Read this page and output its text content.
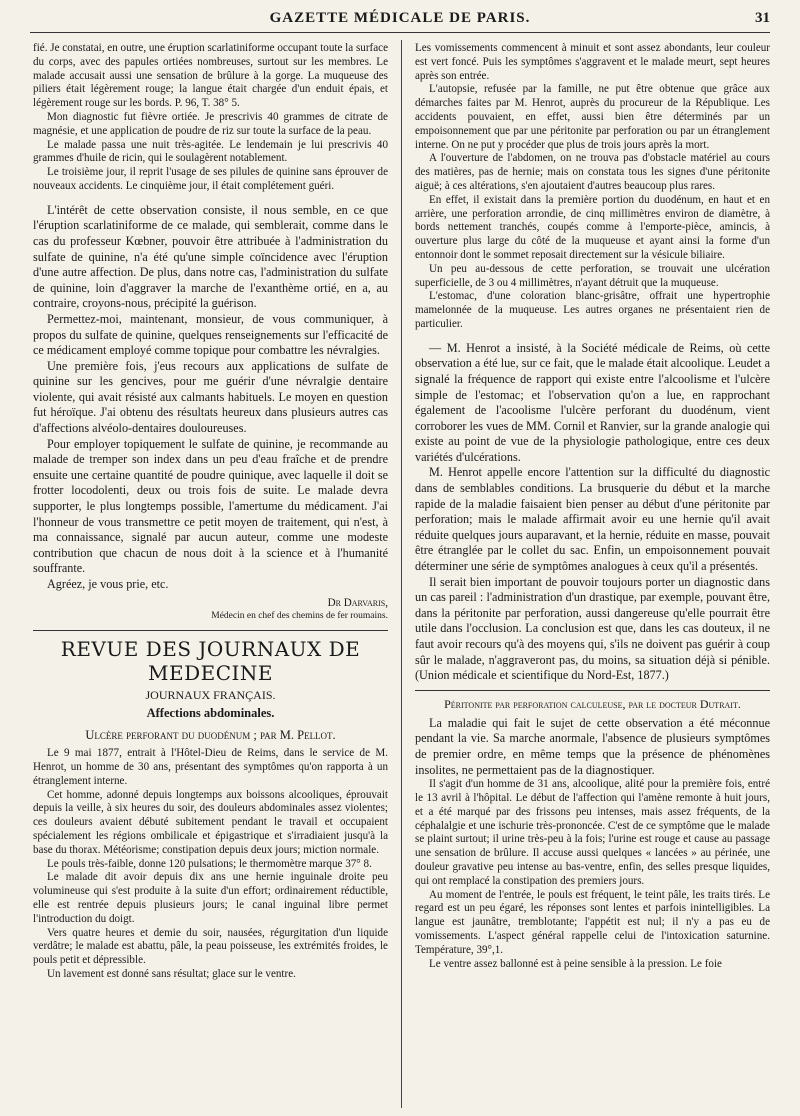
GAZETTE MÉDICALE DE PARIS.	31

fié. Je constatai, en outre, une éruption scarlatiniforme occupant toute la surface du corps, avec des papules ortiées nombreuses, surtout sur les membres. Le malade accusait aussi une sensation de brûlure à la gorge. La muqueuse des piliers était légèrement rouge; la langue était chargée d'un enduit épais, et légèrement rouge sur les bords. P. 96, T. 38° 5.

Mon diagnostic fut fièvre ortiée. Je prescrivis 40 grammes de citrate de magnésie, et une application de poudre de riz sur toute la surface de la peau.

Le malade passa une nuit très-agitée. Le lendemain je lui prescrivis 40 grammes d'huile de ricin, qui le soulagèrent notablement.

Le troisième jour, il reprit l'usage de ses pilules de quinine sans éprouver de nouveaux accidents. Le cinquième jour, il était complétement guéri.

L'intérêt de cette observation consiste, il nous semble, en ce que l'éruption scarlatiniforme de ce malade, qui semblerait, comme dans le cas du professeur Kœbner, pouvoir être attribuée à l'administration du sulfate de quinine, n'a été qu'une simple coïncidence avec l'éruption d'une autre affection. De plus, dans notre cas, l'administration du sulfate de quinine, loin d'aggraver la marche de l'exanthème ortié, en a, au contraire, croyons-nous, précipité la guérison.

Permettez-moi, maintenant, monsieur, de vous communiquer, à propos du sulfate de quinine, quelques renseignements sur l'efficacité de ce médicament employé comme topique pour combattre les névralgies.

Une première fois, j'eus recours aux applications de sulfate de quinine sur les gencives, pour me guérir d'une névralgie dentaire violente, qui avait résisté aux calmants habituels. Le moyen en question fut héroïque. J'ai obtenu des résultats heureux dans plusieurs autres cas d'affections alvéolo-dentaires douloureuses.

Pour employer topiquement le sulfate de quinine, je recommande au malade de tremper son index dans un peu d'eau fraîche et de prendre ensuite une certaine quantité de poudre quinique, avec laquelle il doit se frotter locodolenti, deux ou trois fois de suite. Le malade devra supporter, le plus longtemps possible, l'amertume du médicament. J'ai l'honneur de vous transmettre ce petit moyen de traitement, qui n'est, à ma connaissance, signalé par aucun auteur, comme une modeste contribution que chacun de nous doit à la science et à l'humanité souffrante.

Agréez, je vous prie, etc.

Dr Darvaris,
Médecin en chef des chemins de fer roumains.
REVUE DES JOURNAUX DE MEDECINE
JOURNAUX FRANÇAIS.
Affections abdominales.
Ulcère perforant du duodénum ; par M. Pellot.

Le 9 mai 1877, entrait à l'Hôtel-Dieu de Reims, dans le service de M. Henrot, un homme de 30 ans, présentant des symptômes qu'on rapporta à un étranglement interne.

Cet homme, adonné depuis longtemps aux boissons alcooliques, éprouvait depuis la veille, à six heures du soir, des douleurs abdominales assez violentes; ces douleurs avaient débuté subitement pendant le travail et occupaient spécialement les régions ombilicale et épigastrique et s'irradiaient jusqu'à la base du thorax. Météorisme; constipation depuis deux jours; miction normale.

Le pouls très-faible, donne 120 pulsations; le thermomètre marque 37° 8.

Le malade dit avoir depuis dix ans une hernie inguinale droite peu volumineuse qui s'est produite à la suite d'un effort; ordinairement réductible, elle est rentrée depuis plusieurs jours; le canal inguinal libre permet l'introduction du doigt.

Vers quatre heures et demie du soir, nausées, régurgitation d'un liquide verdâtre; le malade est abattu, pâle, la peau poisseuse, les extrémités froides, le pouls petit et dépressible.

Un lavement est donné sans résultat; glace sur le ventre.

Les vomissements commencent à minuit et sont assez abondants, leur couleur est vert foncé. Puis les symptômes s'aggravent et le malade meurt, sept heures après son entrée.

L'autopsie, refusée par la famille, ne put être obtenue que grâce aux démarches faites par M. Henrot, auprès du procureur de la République. Les accidents pouvaient, en effet, aussi bien être déterminés par un empoisonnement que par une péritonite par perforation ou par un étranglement interne. On ne put y procéder que plus de trois jours après la mort.

A l'ouverture de l'abdomen, on ne trouva pas d'obstacle matériel au cours des matières, pas de hernie; mais on constata tous les signes d'une péritonite aiguë; à ces altérations, s'en ajoutaient d'autres beaucoup plus rares.

En effet, il existait dans la première portion du duodénum, en haut et en arrière, une perforation arrondie, de cinq millimètres environ de diamètre, à bords nettement tranchés, coupés comme à l'emporte-pièce, amincis, à ouverture plus large du côté de la muqueuse et ayant ainsi la forme d'un entonnoir dont le sommet reposait directement sur la vésicule biliaire.

Un peu au-dessous de cette perforation, se trouvait une ulcération superficielle, de 3 ou 4 millimètres, n'ayant détruit que la muqueuse.

L'estomac, d'une coloration blanc-grisâtre, offrait une hypertrophie mamelonnée de la muqueuse. Les autres organes ne présentaient rien de particulier.

— M. Henrot a insisté, à la Société médicale de Reims, où cette observation a été lue, sur ce fait, que le malade était alcoolique. Leudet a signalé la fréquence de rapport qui existe entre l'alcoolisme et l'ulcère simple de l'estomac; et l'observation qu'on a lue, en rapprochant également de l'acoolisme l'ulcère perforant du duodénum, vient corroborer les vues de MM. Cornil et Ranvier, sur la grande analogie qui existe au point de vue de la physiologie pathologique, entre ces deux variétés d'ulcérations.

M. Henrot appelle encore l'attention sur la difficulté du diagnostic dans de semblables conditions. La brusquerie du début et la marche rapide de la maladie faisaient bien penser au début d'une péritonite par perforation; mais le malade affirmait avoir eu une hernie qu'il avait réduite quelques jours auparavant, et la hernie, réduite en masse, pouvait être étranglée par le collet du sac. Enfin, un empoisonnement pouvait déterminer une série de symptômes analogues à ceux qu'il a présentés.

Il serait bien important de pouvoir toujours porter un diagnostic dans un cas pareil : l'administration d'un drastique, par exemple, pouvant être, dans la péritonite par perforation, aussi dangereuse qu'elle pourrait être utile dans l'occlusion. La conclusion est que, dans les cas douteux, il ne faut avoir recours qu'à des moyens qui, s'ils ne doivent pas guérir à coup sûr le malade, n'aggraveront pas, du moins, sa situation déjà si pénible. (Union médicale et scientifique du Nord-Est, 1877.)

Péritonite par perforation calculeuse, par le docteur Dutrait.

La maladie qui fait le sujet de cette observation a été méconnue pendant la vie. Sa marche anormale, l'absence de plusieurs symptômes de premier ordre, en même temps que la présence de phénomènes insolites, ne permettaient pas de la diagnostiquer.

Il s'agit d'un homme de 31 ans, alcoolique, alité pour la première fois, entré le 13 avril à l'hôpital. Le début de l'affection qui l'amène remonte à huit jours, et a été marqué par des frissons peu intenses, mais assez fréquents, de la céphalalgie et une ischurie très-prononcée. C'est de ce symptôme que le malade se plaint surtout; il urine très-peu à la fois; l'urine est rouge et cause au passage une sensation de brûlure. Il accuse aussi quelques « lancées » au périnée, une douleur gravative peu intense au bas-ventre, enfin, des selles presque liquides, qui ont remplacé la constipation des premiers jours.

Au moment de l'entrée, le pouls est fréquent, le teint pâle, les traits tirés. Le regard est un peu égaré, les réponses sont lentes et parfois inintelligibles. La langue est jaunâtre, tremblotante; l'appétit est nul; il n'y a pas eu de vomissements. L'aspect général rappelle celui de l'intoxication saturnine. Température, 39°,1.

Le ventre assez ballonné est à peine sensible à la pression. Le foie
